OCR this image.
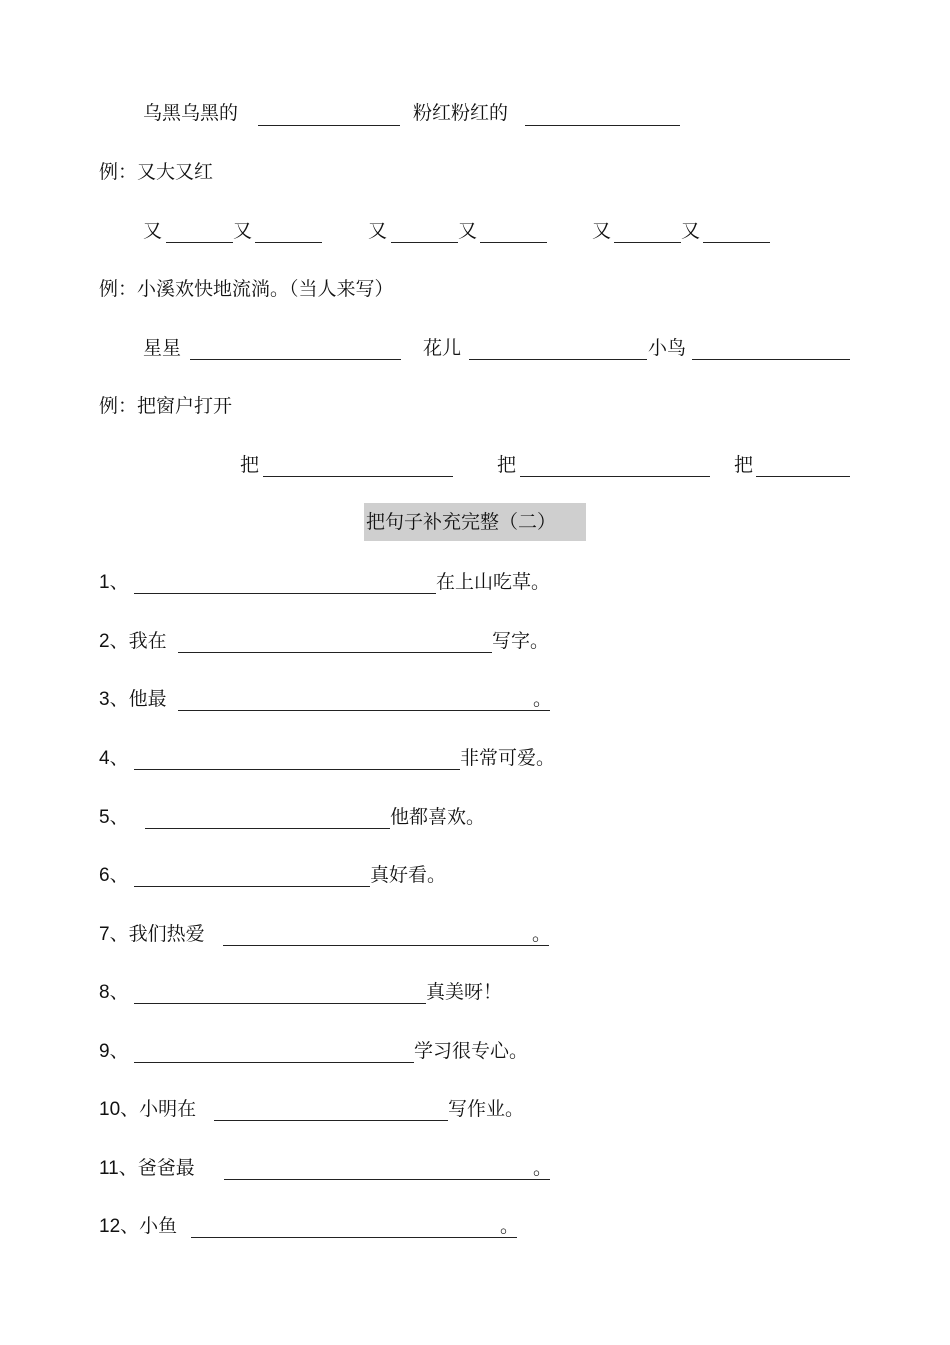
乌黑乌黑的	粉红粉红的
例：又大又红
又	又	又	又	又	又
例：小溪欢快地流淌。（当人来写）
星星	花儿	小鸟
例：把窗户打开
把	把	把
把句子补充完整（二）
1、	在上山吃草。
2、我在	写字。
3、他最	。
4、	非常可爱。
5、	他都喜欢。
6、	真好看。
7、我们热爱	。
8、	真美呀！
9、	学习很专心。
10、小明在	写作业。
11、爸爸最	。
12、小鱼	。
